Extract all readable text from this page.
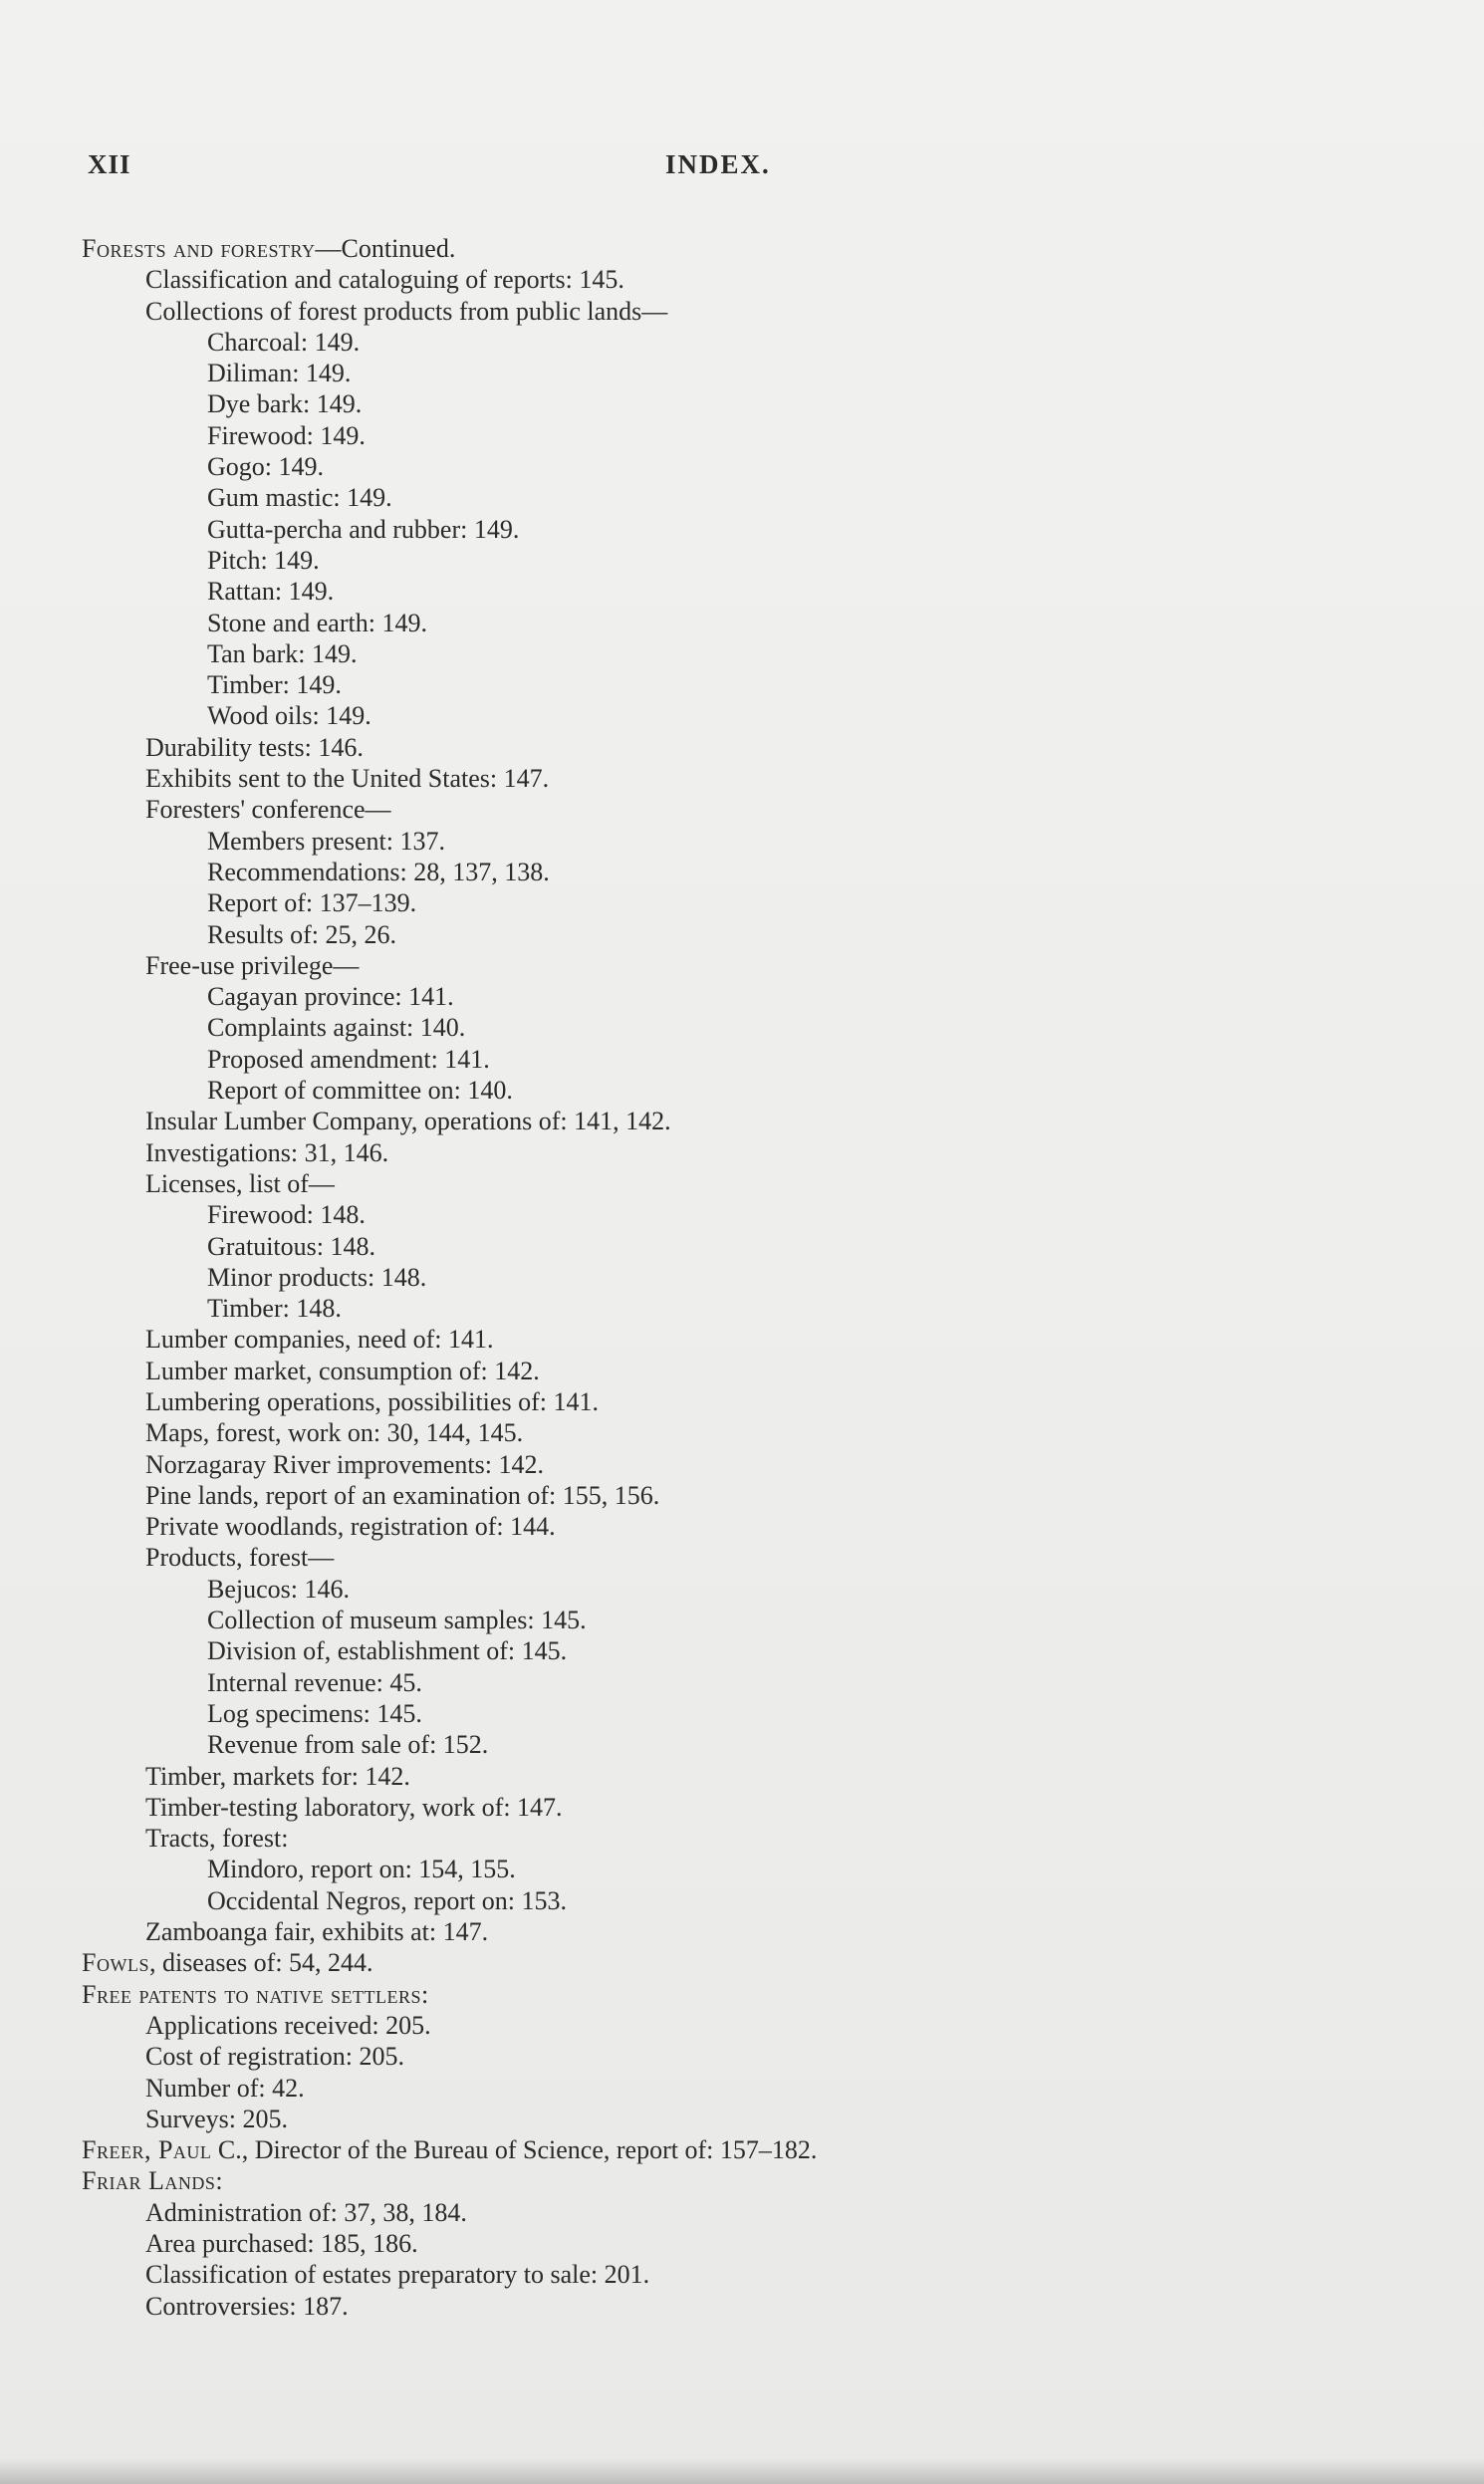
XII	INDEX.
Forests and forestry—Continued.
Classification and cataloguing of reports: 145.
Collections of forest products from public lands—
Charcoal: 149.
Diliman: 149.
Dye bark: 149.
Firewood: 149.
Gogo: 149.
Gum mastic: 149.
Gutta-percha and rubber: 149.
Pitch: 149.
Rattan: 149.
Stone and earth: 149.
Tan bark: 149.
Timber: 149.
Wood oils: 149.
Durability tests: 146.
Exhibits sent to the United States: 147.
Foresters' conference—
Members present: 137.
Recommendations: 28, 137, 138.
Report of: 137–139.
Results of: 25, 26.
Free-use privilege—
Cagayan province: 141.
Complaints against: 140.
Proposed amendment: 141.
Report of committee on: 140.
Insular Lumber Company, operations of: 141, 142.
Investigations: 31, 146.
Licenses, list of—
Firewood: 148.
Gratuitous: 148.
Minor products: 148.
Timber: 148.
Lumber companies, need of: 141.
Lumber market, consumption of: 142.
Lumbering operations, possibilities of: 141.
Maps, forest, work on: 30, 144, 145.
Norzagaray River improvements: 142.
Pine lands, report of an examination of: 155, 156.
Private woodlands, registration of: 144.
Products, forest—
Bejucos: 146.
Collection of museum samples: 145.
Division of, establishment of: 145.
Internal revenue: 45.
Log specimens: 145.
Revenue from sale of: 152.
Timber, markets for: 142.
Timber-testing laboratory, work of: 147.
Tracts, forest:
Mindoro, report on: 154, 155.
Occidental Negros, report on: 153.
Zamboanga fair, exhibits at: 147.
Fowls, diseases of: 54, 244.
Free patents to native settlers:
Applications received: 205.
Cost of registration: 205.
Number of: 42.
Surveys: 205.
Freer, Paul C., Director of the Bureau of Science, report of: 157–182.
Friar Lands:
Administration of: 37, 38, 184.
Area purchased: 185, 186.
Classification of estates preparatory to sale: 201.
Controversies: 187.
